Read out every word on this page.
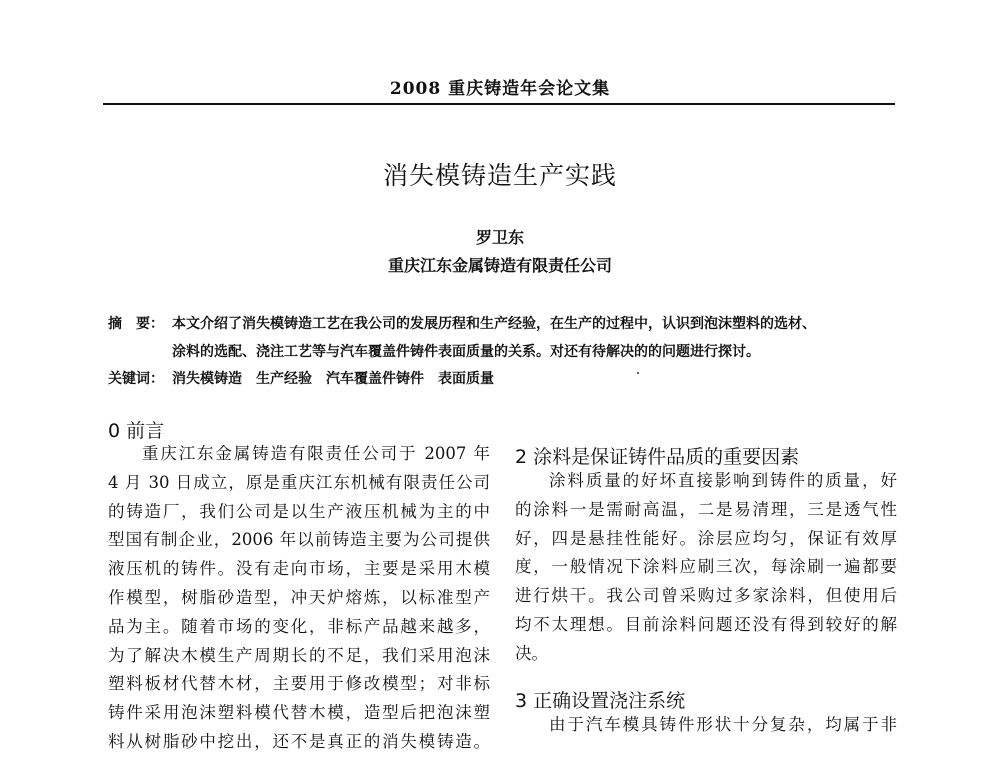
2008 重庆铸造年会论文集
消失模铸造生产实践
罗卫东
重庆江东金属铸造有限责任公司
摘　要： 本文介绍了消失模铸造工艺在我公司的发展历程和生产经验，在生产的过程中，认识到泡沫塑料的选材、
涂料的选配、浇注工艺等与汽车覆盖件铸件表面质量的关系。对还有待解决的的问题进行探讨。
关键词： 消失模铸造　生产经验　汽车覆盖件铸件　表面质量
0 前言
重庆江东金属铸造有限责任公司于 2007 年
4 月 30 日成立，原是重庆江东机械有限责任公司
的铸造厂，我们公司是以生产液压机械为主的中
型国有制企业，2006 年以前铸造主要为公司提供
液压机的铸件。没有走向市场，主要是采用木模
作模型，树脂砂造型，冲天炉熔炼，以标准型产
品为主。随着市场的变化，非标产品越来越多，
为了解决木模生产周期长的不足，我们采用泡沫
塑料板材代替木材，主要用于修改模型；对非标
铸件采用泡沫塑料模代替木模，造型后把泡沫塑
料从树脂砂中挖出，还不是真正的消失模铸造。
2 涂料是保证铸件品质的重要因素
涂料质量的好坏直接影响到铸件的质量，好
的涂料一是需耐高温，二是易清理，三是透气性
好，四是悬挂性能好。涂层应均匀，保证有效厚
度，一般情况下涂料应刷三次，每涂刷一遍都要
进行烘干。我公司曾采购过多家涂料，但使用后
均不太理想。目前涂料问题还没有得到较好的解
决。
3 正确设置浇注系统
由于汽车模具铸件形状十分复杂，均属于非
